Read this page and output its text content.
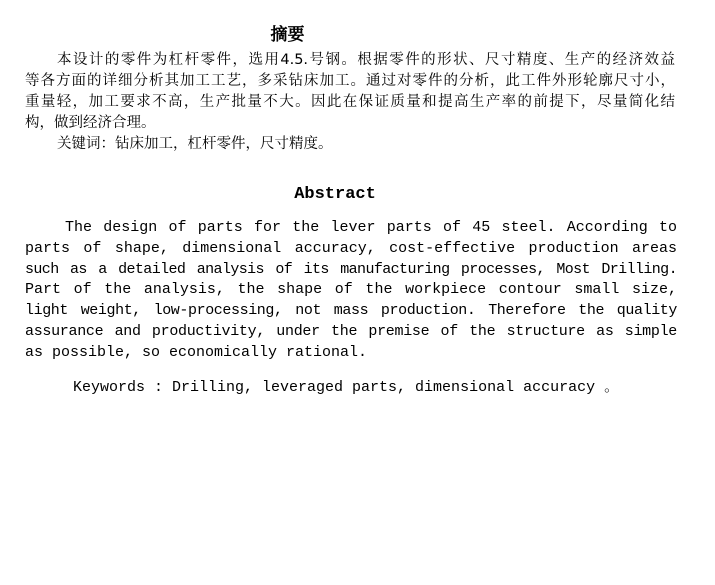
摘要
本设计的零件为杠杆零件，选用4.5.号钢。根据零件的形状、尺寸精度、生产的经济效益
等各方面的详细分析其加工工艺，多采钻床加工。通过对零件的分析，此工件外形轮廓尺寸小，
重量轻，加工要求不高，生产批量不大。因此在保证质量和提高生产率的前提下，尽量简化结
构，做到经济合理。
关键词：钻床加工，杠杆零件，尺寸精度。
Abstract
The design of parts for the lever parts of 45 steel. According to
parts of shape, dimensional accuracy, cost-effective production areas
such as a detailed analysis of its manufacturing processes, Most Drilling.
Part of the analysis, the shape of the workpiece contour small size,
light weight, low-processing, not mass production. Therefore the quality
assurance and productivity, under the premise of the structure as simple
as possible, so economically rational.
Keywords : Drilling, leveraged parts, dimensional accuracy 。
